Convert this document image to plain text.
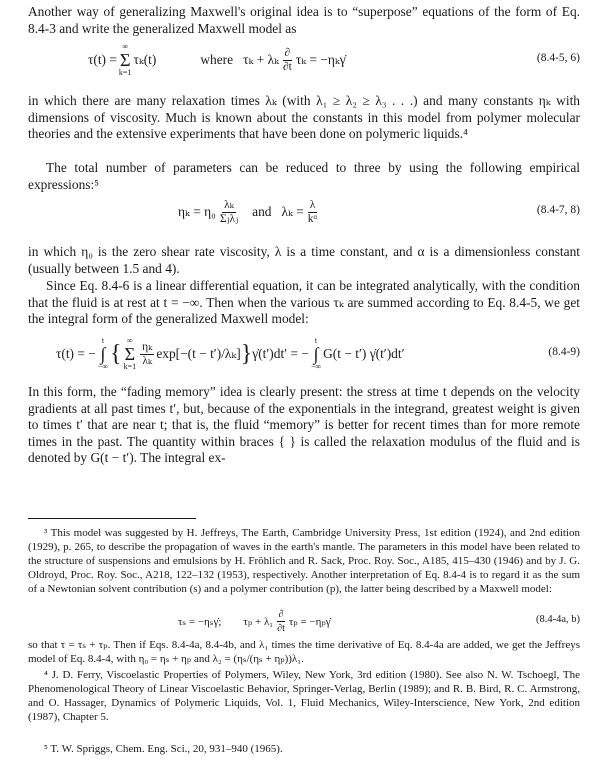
Another way of generalizing Maxwell's original idea is to “superpose” equations of the form of Eq. 8.4-3 and write the generalized Maxwell model as

τ(t) =
∞
Σ
k=1
τₖ(t)	where τₖ + λₖ $\frac{\partial}{\partial t}$ τₖ = −ηₖγ̇	(8.4-5, 6)

in which there are many relaxation times λₖ (with λ₁ ≥ λ₂ ≥ λ₃ . . .) and many constants ηₖ with dimensions of viscosity. Much is known about the constants in this model from polymer molecular theories and the extensive experiments that have been done on polymeric liquids.⁴

The total number of parameters can be reduced to three by using the following empirical expressions:⁵

$\eta_k = \eta_0 \frac{\text{λₖ}}{\text{Σⱼλⱼ}}$ and $\lambda_k = \frac{\lambda}{\text{kᵅ}}$	(8.4-7, 8)

in which η₀ is the zero shear rate viscosity, λ is a time constant, and α is a dimensionless constant (usually between 1.5 and 4).

Since Eq. 8.4-6 is a linear differential equation, it can be integrated analytically, with the condition that the fluid is at rest at t = −∞. Then when the various τₖ are summed according to Eq. 8.4-5, we get the integral form of the generalized Maxwell model:

τ(t) = −
t
∫
−∞ {
∞
Σ
$k=1 \frac{\text{ηₖ}}{\text{λₖ}} \exp[-(t - t')/\lambda_k]$ } γ̇(t′)dt′ = −
t
∫
−∞
G(t − t′) γ̇(t′)dt′	(8.4-9)

In this form, the “fading memory” idea is clearly present: the stress at time t depends on the velocity gradients at all past times t′, but, because of the exponentials in the integrand, greatest weight is given to times t′ that are near t; that is, the fluid “memory” is better for recent times than for more remote times in the past. The quantity within braces { } is called the relaxation modulus of the fluid and is denoted by G(t − t′). The integral ex-

³ This model was suggested by H. Jeffreys, The Earth, Cambridge University Press, 1st edition (1924), and 2nd edition (1929), p. 265, to describe the propagation of waves in the earth's mantle. The parameters in this model have been related to the structure of suspensions and emulsions by H. Fröhlich and R. Sack, Proc. Roy. Soc., A185, 415–430 (1946) and by J. G. Oldroyd, Proc. Roy. Soc., A218, 122–132 (1953), respectively. Another interpretation of Eq. 8.4-4 is to regard it as the sum of a Newtonian solvent contribution (s) and a polymer contribution (p), the latter being described by a Maxwell model:

τₛ = −ηₛγ̇; $\tau_p + \lambda_1 \frac{\partial}{\partial t}$ τₚ = −ηₚγ̇	(8.4-4a, b)

so that τ = τₛ + τₚ. Then if Eqs. 8.4-4a, 8.4-4b, and λ₁ times the time derivative of Eq. 8.4-4a are added, we get the Jeffreys model of Eq. 8.4-4, with η₀ = ηₛ + ηₚ and λ₂ = (ηₛ/(ηₛ + ηₚ))λ₁.

⁴ J. D. Ferry, Viscoelastic Properties of Polymers, Wiley, New York, 3rd edition (1980). See also N. W. Tschoegl, The Phenomenological Theory of Linear Viscoelastic Behavior, Springer-Verlag, Berlin (1989); and R. B. Bird, R. C. Armstrong, and O. Hassager, Dynamics of Polymeric Liquids, Vol. 1, Fluid Mechanics, Wiley-Interscience, New York, 2nd edition (1987), Chapter 5.

⁵ T. W. Spriggs, Chem. Eng. Sci., 20, 931–940 (1965).
